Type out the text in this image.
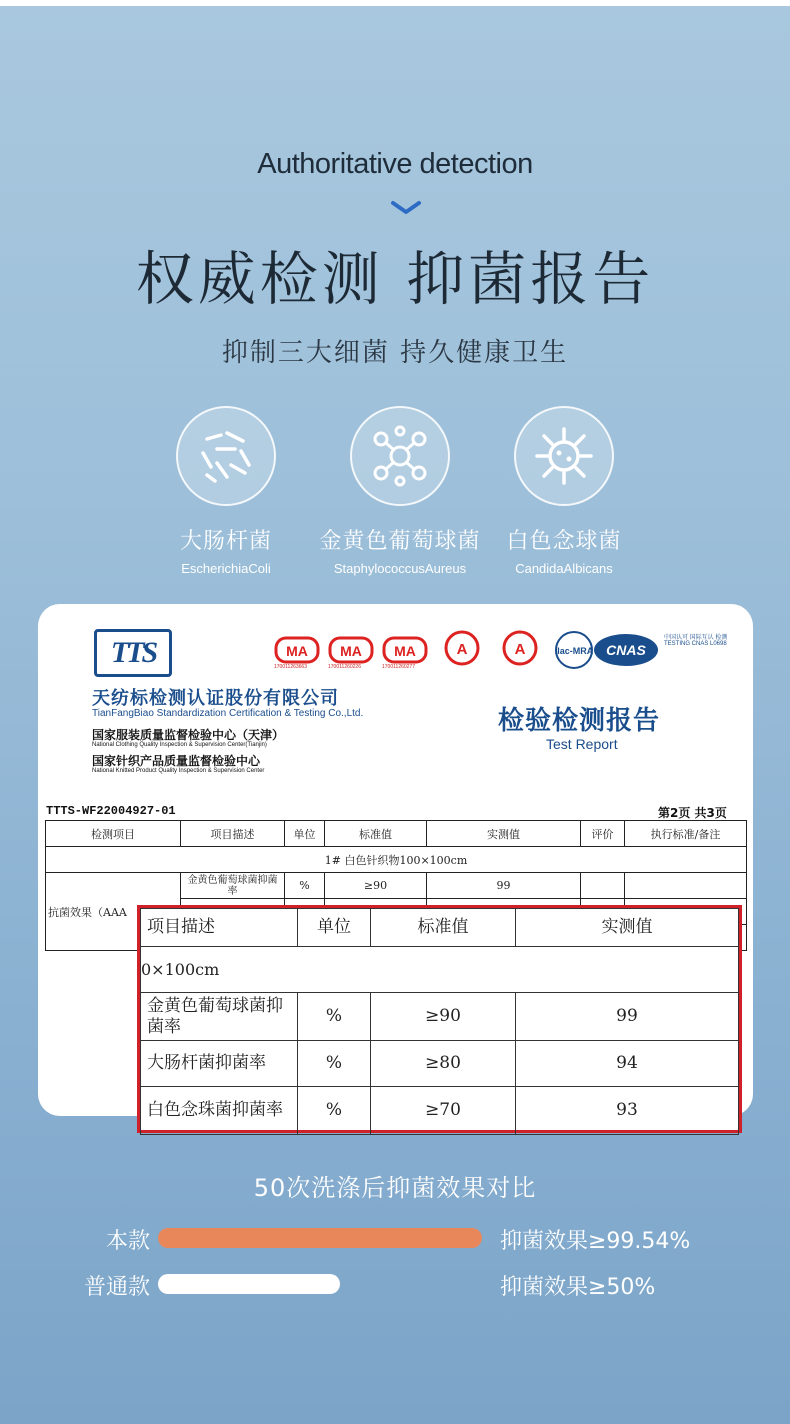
Authoritative detection
权威检测 抑菌报告
抑制三大细菌 持久健康卫生
大肠杆菌
EscherichiaColi
金黄色葡萄球菌
StaphylococcusAureus
白色念球菌
CandidaAlbicans
TTS
天纺标检测认证股份有限公司
TianFangBiao Standardization Certification & Testing Co.,Ltd.
国家服装质量监督检验中心（天津）
National Clothing Quality Inspection & Supervision Center(Tianjin)
国家针织产品质量监督检验中心
National Knitted Product Quality Inspection & Supervision Center
MA MA MA	A	A	ilac-MRA CNAS
170011263663	170011260226	170011260277
中国认可 国际互认 检测 TESTING CNAS L0698
检验检测报告
Test Report
TTTS-WF22004927-01	第2页 共3页
检测项目	项目描述	单位	标准值	实测值	评价	执行标准/备注
1# 白色针织物100×100cm						
抗菌效果（AAA	金黄色葡萄球菌抑菌率	%	≥90	99		

项目描述	单位	标准值	实测值
0×100cm			
金黄色葡萄球菌抑菌率	%	≥90	99
大肠杆菌抑菌率	%	≥80	94
白色念珠菌抑菌率	%	≥70	93
50次洗涤后抑菌效果对比
本款	抑菌效果≥99.54%
普通款	抑菌效果≥50%
